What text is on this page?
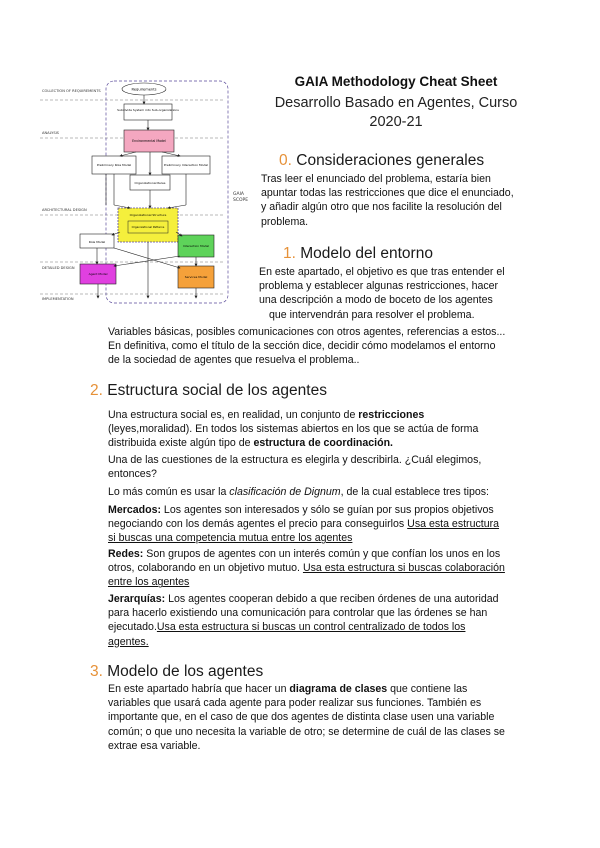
COLLECTION OF REQUIREMENTS
ANALYSIS
ARCHITECTURAL DESIGN
DETAILED DESIGN
IMPLEMENTATION
GAIA
SCOPE
Requirements
Subdivide System into Sub-organizations
Environmental Model
Preliminary Role Model	Preliminary Interaction Model
Organizational Rules
Organizational Structure
Organizational Patterns
Role Model
Interaction Model
Agent Model
Services Model
GAIA Methodology Cheat Sheet
Desarrollo Basado en Agentes, Curso
2020-21
0. Consideraciones generales
Tras leer el enunciado del problema, estaría bien
apuntar todas las restricciones que dice el enunciado,
y añadir algún otro que nos facilite la resolución del
problema.
1. Modelo del entorno
En este apartado, el objetivo es que tras entender el
problema y establecer algunas restricciones, hacer
una descripción a modo de boceto de los agentes
que intervendrán para resolver el problema.
Variables básicas, posibles comunicaciones con otros agentes, referencias a estos...
En definitiva, como el título de la sección dice, decidir cómo modelamos el entorno
de la sociedad de agentes que resuelva el problema..
2. Estructura social de los agentes
Una estructura social es, en realidad, un conjunto de restricciones
(leyes,moralidad). En todos los sistemas abiertos en los que se actúa de forma
distribuida existe algún tipo de estructura de coordinación.
Una de las cuestiones de la estructura es elegirla y describirla. ¿Cuál elegimos,
entonces?
Lo más común es usar la clasificación de Dignum, de la cual establece tres tipos:
Mercados: Los agentes son interesados y sólo se guían por sus propios objetivos
negociando con los demás agentes el precio para conseguirlos Usa esta estructura
si buscas una competencia mutua entre los agentes
Redes: Son grupos de agentes con un interés común y que confían los unos en los
otros, colaborando en un objetivo mutuo. Usa esta estructura si buscas colaboración
entre los agentes
Jerarquías: Los agentes cooperan debido a que reciben órdenes de una autoridad
para hacerlo existiendo una comunicación para controlar que las órdenes se han
ejecutado.Usa esta estructura si buscas un control centralizado de todos los
agentes.
3. Modelo de los agentes
En este apartado habría que hacer un diagrama de clases que contiene las
variables que usará cada agente para poder realizar sus funciones. También es
importante que, en el caso de que dos agentes de distinta clase usen una variable
común; o que uno necesita la variable de otro; se determine de cuál de las clases se
extrae esa variable.
